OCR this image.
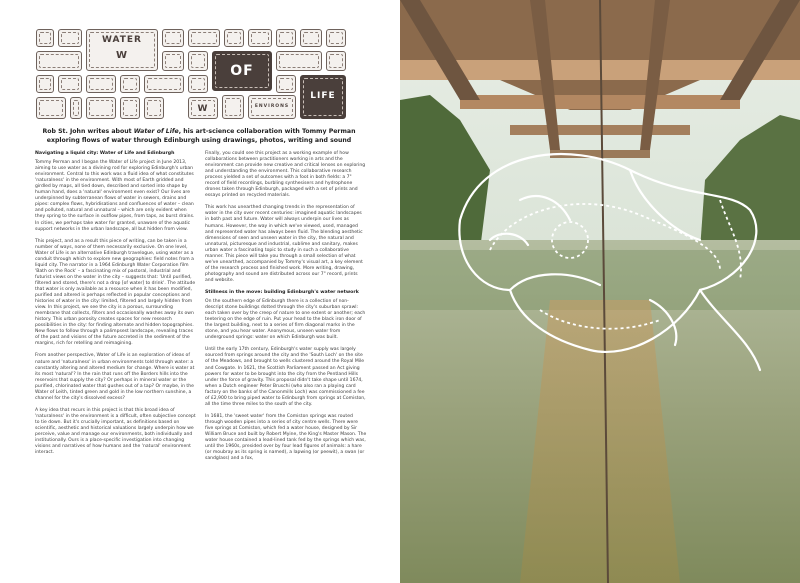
WATER
W
OF
LIFE
W	ENVIRONS
Rob St. John writes about Water of Life, his art-science collaboration with Tommy Perman exploring flows of water through Edinburgh using drawings, photos, writing and sound
Navigating a liquid city: Water of Life and Edinburgh

Tommy Perman and I began the Water of Life project in June 2013, aiming to use water as a divining rod for exploring Edinburgh's urban environment. Central to this work was a fluid idea of what constitutes 'naturalness' in the environment. With most of Earth gridded and girdled by maps, all tied down, described and sorted into shape by human hand, does a 'natural' environment even exist? Our lives are underpinned by subterranean flows of water in sewers, drains and pipes: complex flows, hybridisations and confluences of water – clean and polluted, natural and unnatural – which are only evident when they spring to the surface in outflow pipes, from taps, as burst drains. In cities, we perhaps take water for granted, unaware of the aquatic support networks in the urban landscape, all but hidden from view.

This project, and as a result this piece of writing, can be taken in a number of ways, none of them necessarily exclusive. On one level, Water of Life is an alternative Edinburgh travelogue, using water as a conduit through which to explore new geographies: field notes from a liquid city. The narrator in a 1964 Edinburgh Water Corporation film 'Bath on the Rock' – a fascinating mix of pastoral, industrial and futurist views on the water in the city – suggests that: 'Until purified, filtered and stored, there's not a drop [of water] to drink'. The attitude that water is only available as a resource when it has been modified, purified and altered is perhaps reflected in popular conceptions and histories of water in the city: limited, filtered and largely hidden from view. In this project, we see the city is a porous, surrounding membrane that collects, filters and occasionally washes away its own history. This urban porosity creates spaces for new research possibilities in the city: for finding alternate and hidden topographies. New flows to follow through a palimpsest landscape, revealing traces of the past and visions of the future accreted in the sediment of the margins, rich for retelling and reimagining.

From another perspective, Water of Life is an exploration of ideas of nature and 'naturalness' in urban environments told through water: a constantly altering and altered medium for change. Where is water at its most 'natural'? In the rain that runs off the Borders hills into the reservoirs that supply the city? Or perhaps in mineral water or the purified, chlorinated water that gushes out of a tap? Or maybe, in the Water of Leith, tinted green and gold in the low northern sunshine, a channel for the city's dissolved excess?

A key idea that recurs in this project is that this broad idea of 'naturalness' in the environment is a difficult, often subjective concept to tie down. But it's crucially important, as definitions based on scientific, aesthetic and historical valuations largely underpin how we perceive, value and manage our environments, both individually and institutionally. Ours is a place-specific investigation into changing visions and narratives of how humans and the 'natural' environment interact.

Finally, you could see this project as a working example of how collaborations between practitioners working in arts and the environment can provide new creative and critical lenses on exploring and understanding the environment. This collaborative research process yielded a set of outcomes with a foot in both fields: a 7" record of field recordings, burbling synthesisers and hydrophone drones taken through Edinburgh, packaged with a set of prints and essays printed on recycled materials.

This work has unearthed changing trends in the representation of water in the city over recent centuries: imagined aquatic landscapes in both past and future. Water will always underpin our lives as humans. However, the way in which we've viewed, used, managed and represented water has always been fluid. The blending aesthetic dimensions of seen and unseen water in the city, the natural and unnatural, picturesque and industrial, sublime and sanitary, makes urban water a fascinating topic to study in such a collaborative manner. This piece will take you through a small selection of what we've unearthed, accompanied by Tommy's visual art, a key element of the research process and finished work. More writing, drawing, photography and sound are distributed across our 7" record, prints and website.

Stillness in the move: building Edinburgh's water network

On the southern edge of Edinburgh there is a collection of non-descript stone buildings dotted through the city's suburban sprawl: each taken over by the creep of nature to one extent or another; each teetering on the edge of ruin. Put your head to the black iron door of the largest building, next to a series of firm diagonal marks in the stone, and you hear water. Anonymous, unseen water from underground springs: water on which Edinburgh was built.

Until the early 17th century, Edinburgh's water supply was largely sourced from springs around the city and the 'South Loch' on the site of the Meadows, and brought to wells clustered around the Royal Mile and Cowgate. In 1621, the Scottish Parliament passed an Act giving powers for water to be brought into the city from the Pentland Hills under the force of gravity. This proposal didn't take shape until 1674, when a Dutch engineer Peter Bruschi (who also ran a playing card factory on the banks of the Canonmills Loch) was commissioned a fee of £2,900 to bring piped water to Edinburgh from springs at Comiston, all the time three miles to the south of the city.

In 1681, the 'sweet water' from the Comiston springs was routed through wooden pipes into a series of city centre wells. There were five springs at Comiston, which fed a water house, designed by Sir William Bruce and built by Robert Myine, the King's Master Mason. The water house contained a lead-lined tank fed by the springs which was, until the 1960s, presided over by four lead figures of animals: a hare (or moubray as its spring is named), a lapwing (or peewit), a swan (or sandglass) and a fox,
